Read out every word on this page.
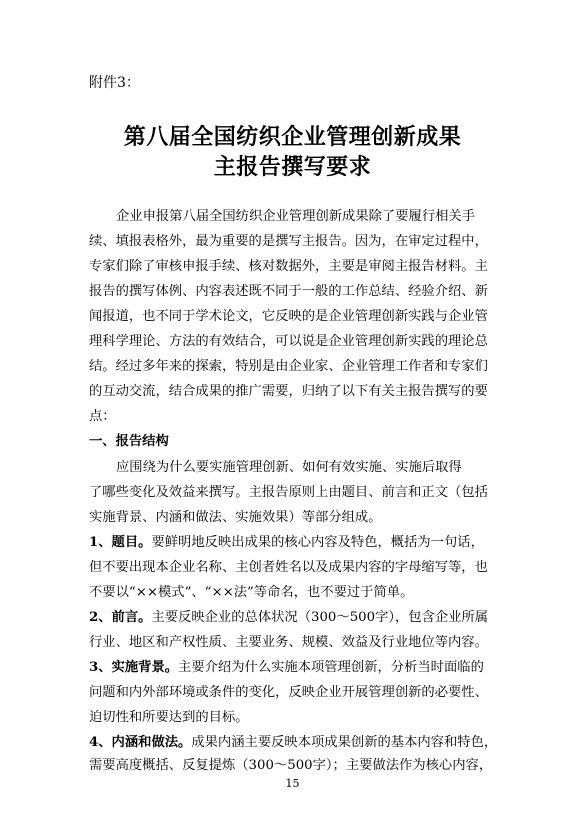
附件3：
第八届全国纺织企业管理创新成果
主报告撰写要求
企业申报第八届全国纺织企业管理创新成果除了要履行相关手
续、填报表格外，最为重要的是撰写主报告。因为，在审定过程中，
专家们除了审核申报手续、核对数据外，主要是审阅主报告材料。主
报告的撰写体例、内容表述既不同于一般的工作总结、经验介绍、新
闻报道，也不同于学术论文，它反映的是企业管理创新实践与企业管
理科学理论、方法的有效结合，可以说是企业管理创新实践的理论总
结。经过多年来的探索，特别是由企业家、企业管理工作者和专家们
的互动交流，结合成果的推广需要，归纳了以下有关主报告撰写的要
点：
一、报告结构
应围绕为什么要实施管理创新、如何有效实施、实施后取得
了哪些变化及效益来撰写。主报告原则上由题目、前言和正文（包括
实施背景、内涵和做法、实施效果）等部分组成。
1、题目。要鲜明地反映出成果的核心内容及特色，概括为一句话，
但不要出现本企业名称、主创者姓名以及成果内容的字母缩写等，也
不要以“××模式”、“××法”等命名，也不要过于简单。
2、前言。主要反映企业的总体状况（300～500字），包含企业所属
行业、地区和产权性质、主要业务、规模、效益及行业地位等内容。
3、实施背景。主要介绍为什么实施本项管理创新，分析当时面临的
问题和内外部环境或条件的变化，反映企业开展管理创新的必要性、
迫切性和所要达到的目标。
4、内涵和做法。成果内涵主要反映本项成果创新的基本内容和特色，
需要高度概括、反复提炼（300～500字）；主要做法作为核心内容，
15
